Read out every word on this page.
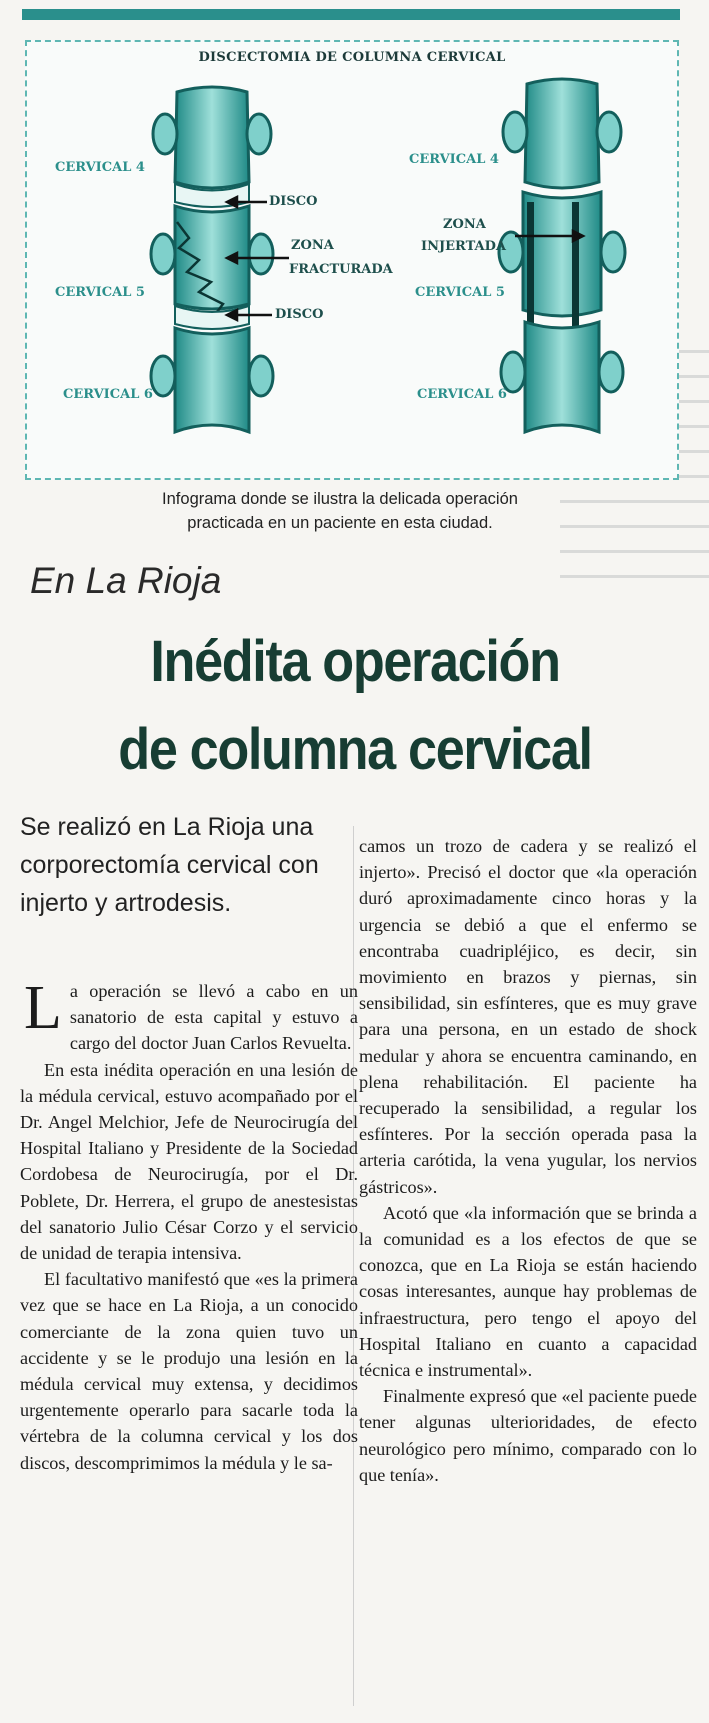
DISCECTOMIA DE COLUMNA CERVICAL
CERVICAL 4
CERVICAL 5
CERVICAL 6
DISCO
ZONA
FRACTURADA
DISCO
CERVICAL 4
ZONA
INJERTADA
CERVICAL 5
CERVICAL 6
Infograma donde se ilustra la delicada operación
practicada en un paciente en esta ciudad.
En La Rioja
Inédita operación
de columna cervical
Se realizó en La Rioja una corporectomía cervical con injerto y artrodesis.

La operación se llevó a cabo en un sanatorio de esta capital y estuvo a cargo del doctor Juan Carlos Revuelta.

En esta inédita operación en una lesión de la médula cervical, estuvo acompañado por el Dr. Angel Melchior, Jefe de Neurocirugía del Hospital Italiano y Presidente de la Sociedad Cordobesa de Neurocirugía, por el Dr. Poblete, Dr. Herrera, el grupo de anestesistas del sanatorio Julio César Corzo y el servicio de unidad de terapia intensiva.

El facultativo manifestó que «es la primera vez que se hace en La Rioja, a un conocido comerciante de la zona quien tuvo un accidente y se le produjo una lesión en la médula cervical muy extensa, y decidimos urgentemente operarlo para sacarle toda la vértebra de la columna cervical y los dos discos, descomprimimos la médula y le sa-

camos un trozo de cadera y se realizó el injerto». Precisó el doctor que «la operación duró aproximadamente cinco horas y la urgencia se debió a que el enfermo se encontraba cuadripléjico, es decir, sin movimiento en brazos y piernas, sin sensibilidad, sin esfínteres, que es muy grave para una persona, en un estado de shock medular y ahora se encuentra caminando, en plena rehabilitación. El paciente ha recuperado la sensibilidad, a regular los esfínteres. Por la sección operada pasa la arteria carótida, la vena yugular, los nervios gástricos».

Acotó que «la información que se brinda a la comunidad es a los efectos de que se conozca, que en La Rioja se están haciendo cosas interesantes, aunque hay problemas de infraestructura, pero tengo el apoyo del Hospital Italiano en cuanto a capacidad técnica e instrumental».

Finalmente expresó que «el paciente puede tener algunas ulterioridades, de efecto neurológico pero mínimo, comparado con lo que tenía».
